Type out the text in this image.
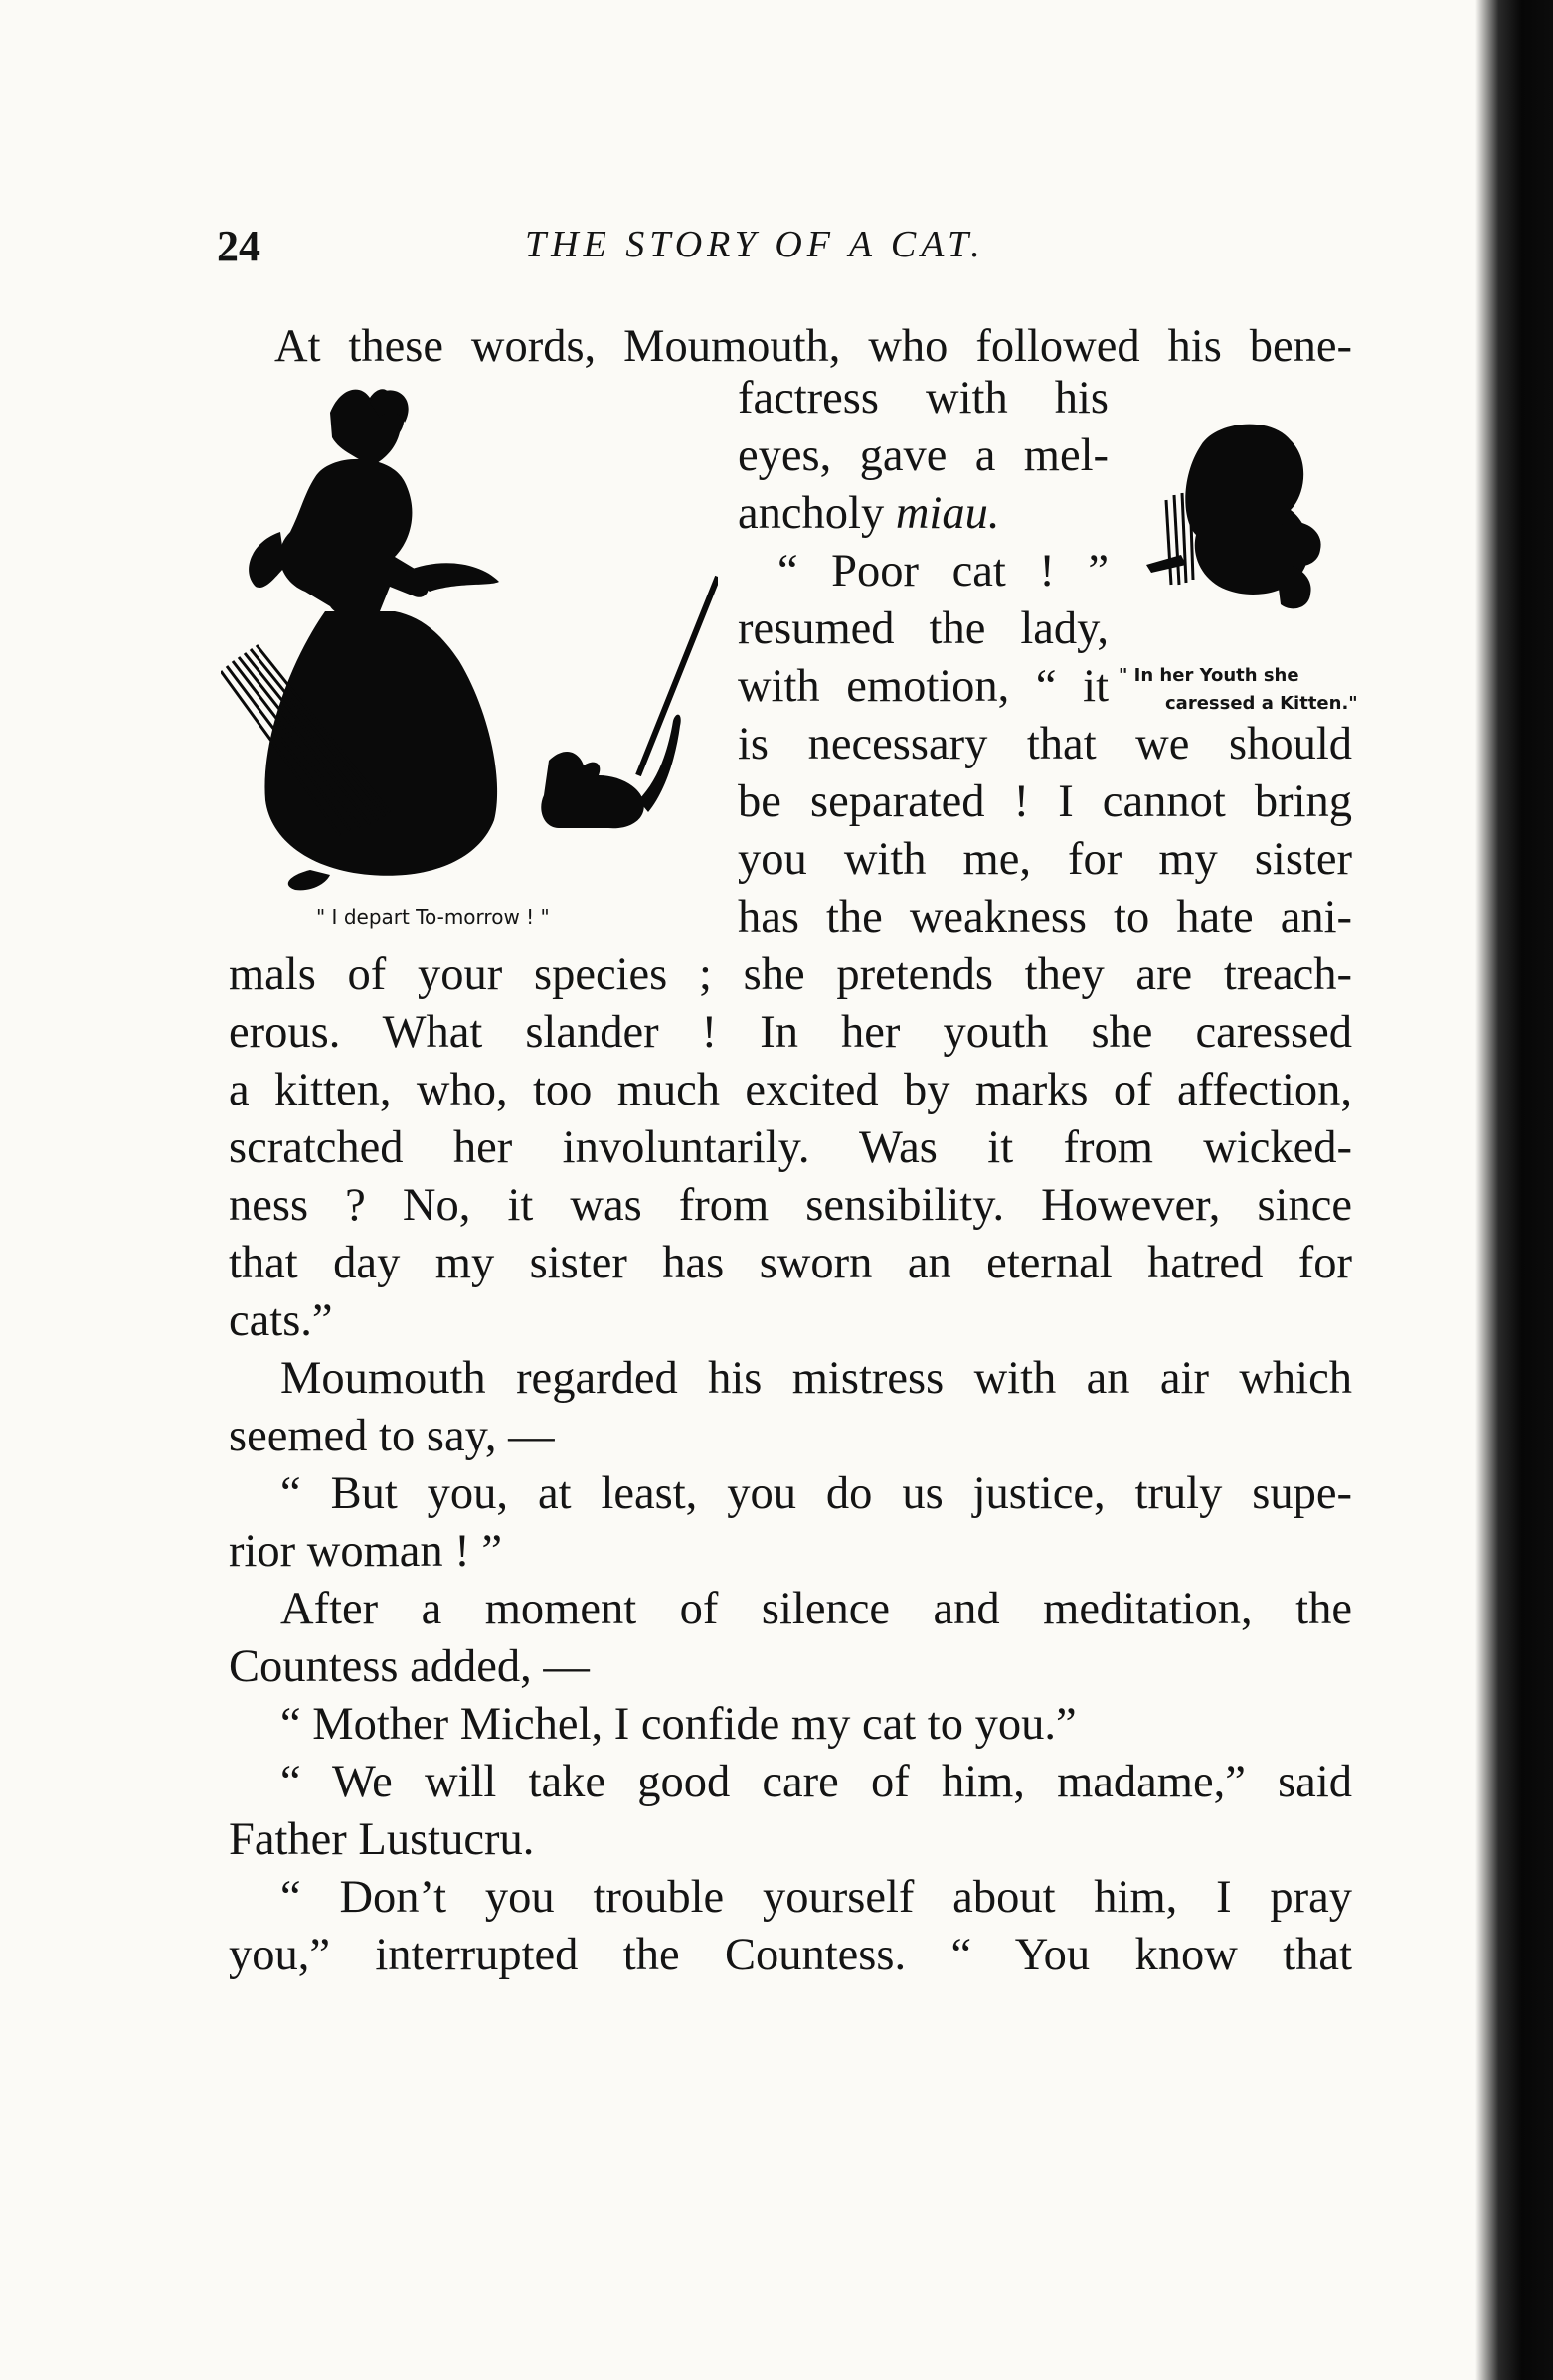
24	THE STORY OF A CAT.
" I depart To-morrow ! "
" In her Youth she
caressed a Kitten."
At these words, Moumouth, who followed his bene-
factress with his
eyes, gave a mel-
ancholy miau.
“ Poor cat ! ”
resumed the lady,
with emotion, “ it
is necessary that we should
be separated ! I cannot bring
you with me, for my sister
has the weakness to hate ani-
mals of your species ; she pretends they are treach-
erous. What slander ! In her youth she caressed
a kitten, who, too much excited by marks of affection,
scratched her involuntarily. Was it from wicked-
ness ? No, it was from sensibility. However, since
that day my sister has sworn an eternal hatred for
cats.”
Moumouth regarded his mistress with an air which
seemed to say, —
“ But you, at least, you do us justice, truly supe-
rior woman ! ”
After a moment of silence and meditation, the
Countess added, —
“ Mother Michel, I confide my cat to you.”
“ We will take good care of him, madame,” said
Father Lustucru.
“ Don’t you trouble yourself about him, I pray
you,” interrupted the Countess. “ You know that
